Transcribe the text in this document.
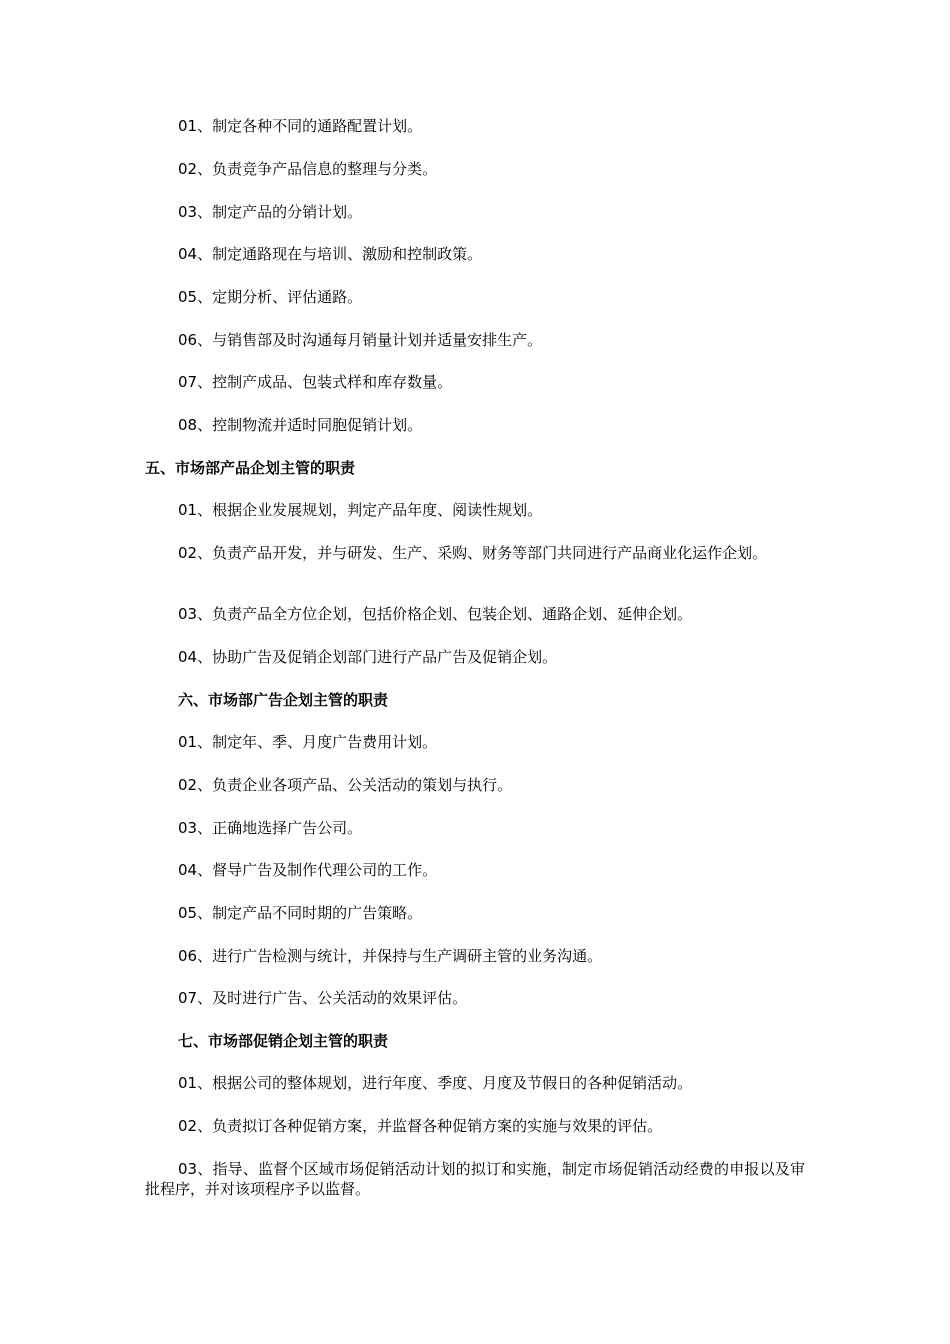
01、制定各种不同的通路配置计划。
02、负责竞争产品信息的整理与分类。
03、制定产品的分销计划。
04、制定通路现在与培训、激励和控制政策。
05、定期分析、评估通路。
06、与销售部及时沟通每月销量计划并适量安排生产。
07、控制产成品、包装式样和库存数量。
08、控制物流并适时同胞促销计划。
五、市场部产品企划主管的职责
01、根据企业发展规划，判定产品年度、阅读性规划。
02、负责产品开发，并与研发、生产、采购、财务等部门共同进行产品商业化运作企划。
03、负责产品全方位企划，包括价格企划、包装企划、通路企划、延伸企划。
04、协助广告及促销企划部门进行产品广告及促销企划。
六、市场部广告企划主管的职责
01、制定年、季、月度广告费用计划。
02、负责企业各项产品、公关活动的策划与执行。
03、正确地选择广告公司。
04、督导广告及制作代理公司的工作。
05、制定产品不同时期的广告策略。
06、进行广告检测与统计，并保持与生产调研主管的业务沟通。
07、及时进行广告、公关活动的效果评估。
七、市场部促销企划主管的职责
01、根据公司的整体规划，进行年度、季度、月度及节假日的各种促销活动。
02、负责拟订各种促销方案，并监督各种促销方案的实施与效果的评估。
03、指导、监督个区域市场促销活动计划的拟订和实施，制定市场促销活动经费的申报以及审批程序，并对该项程序予以监督。
